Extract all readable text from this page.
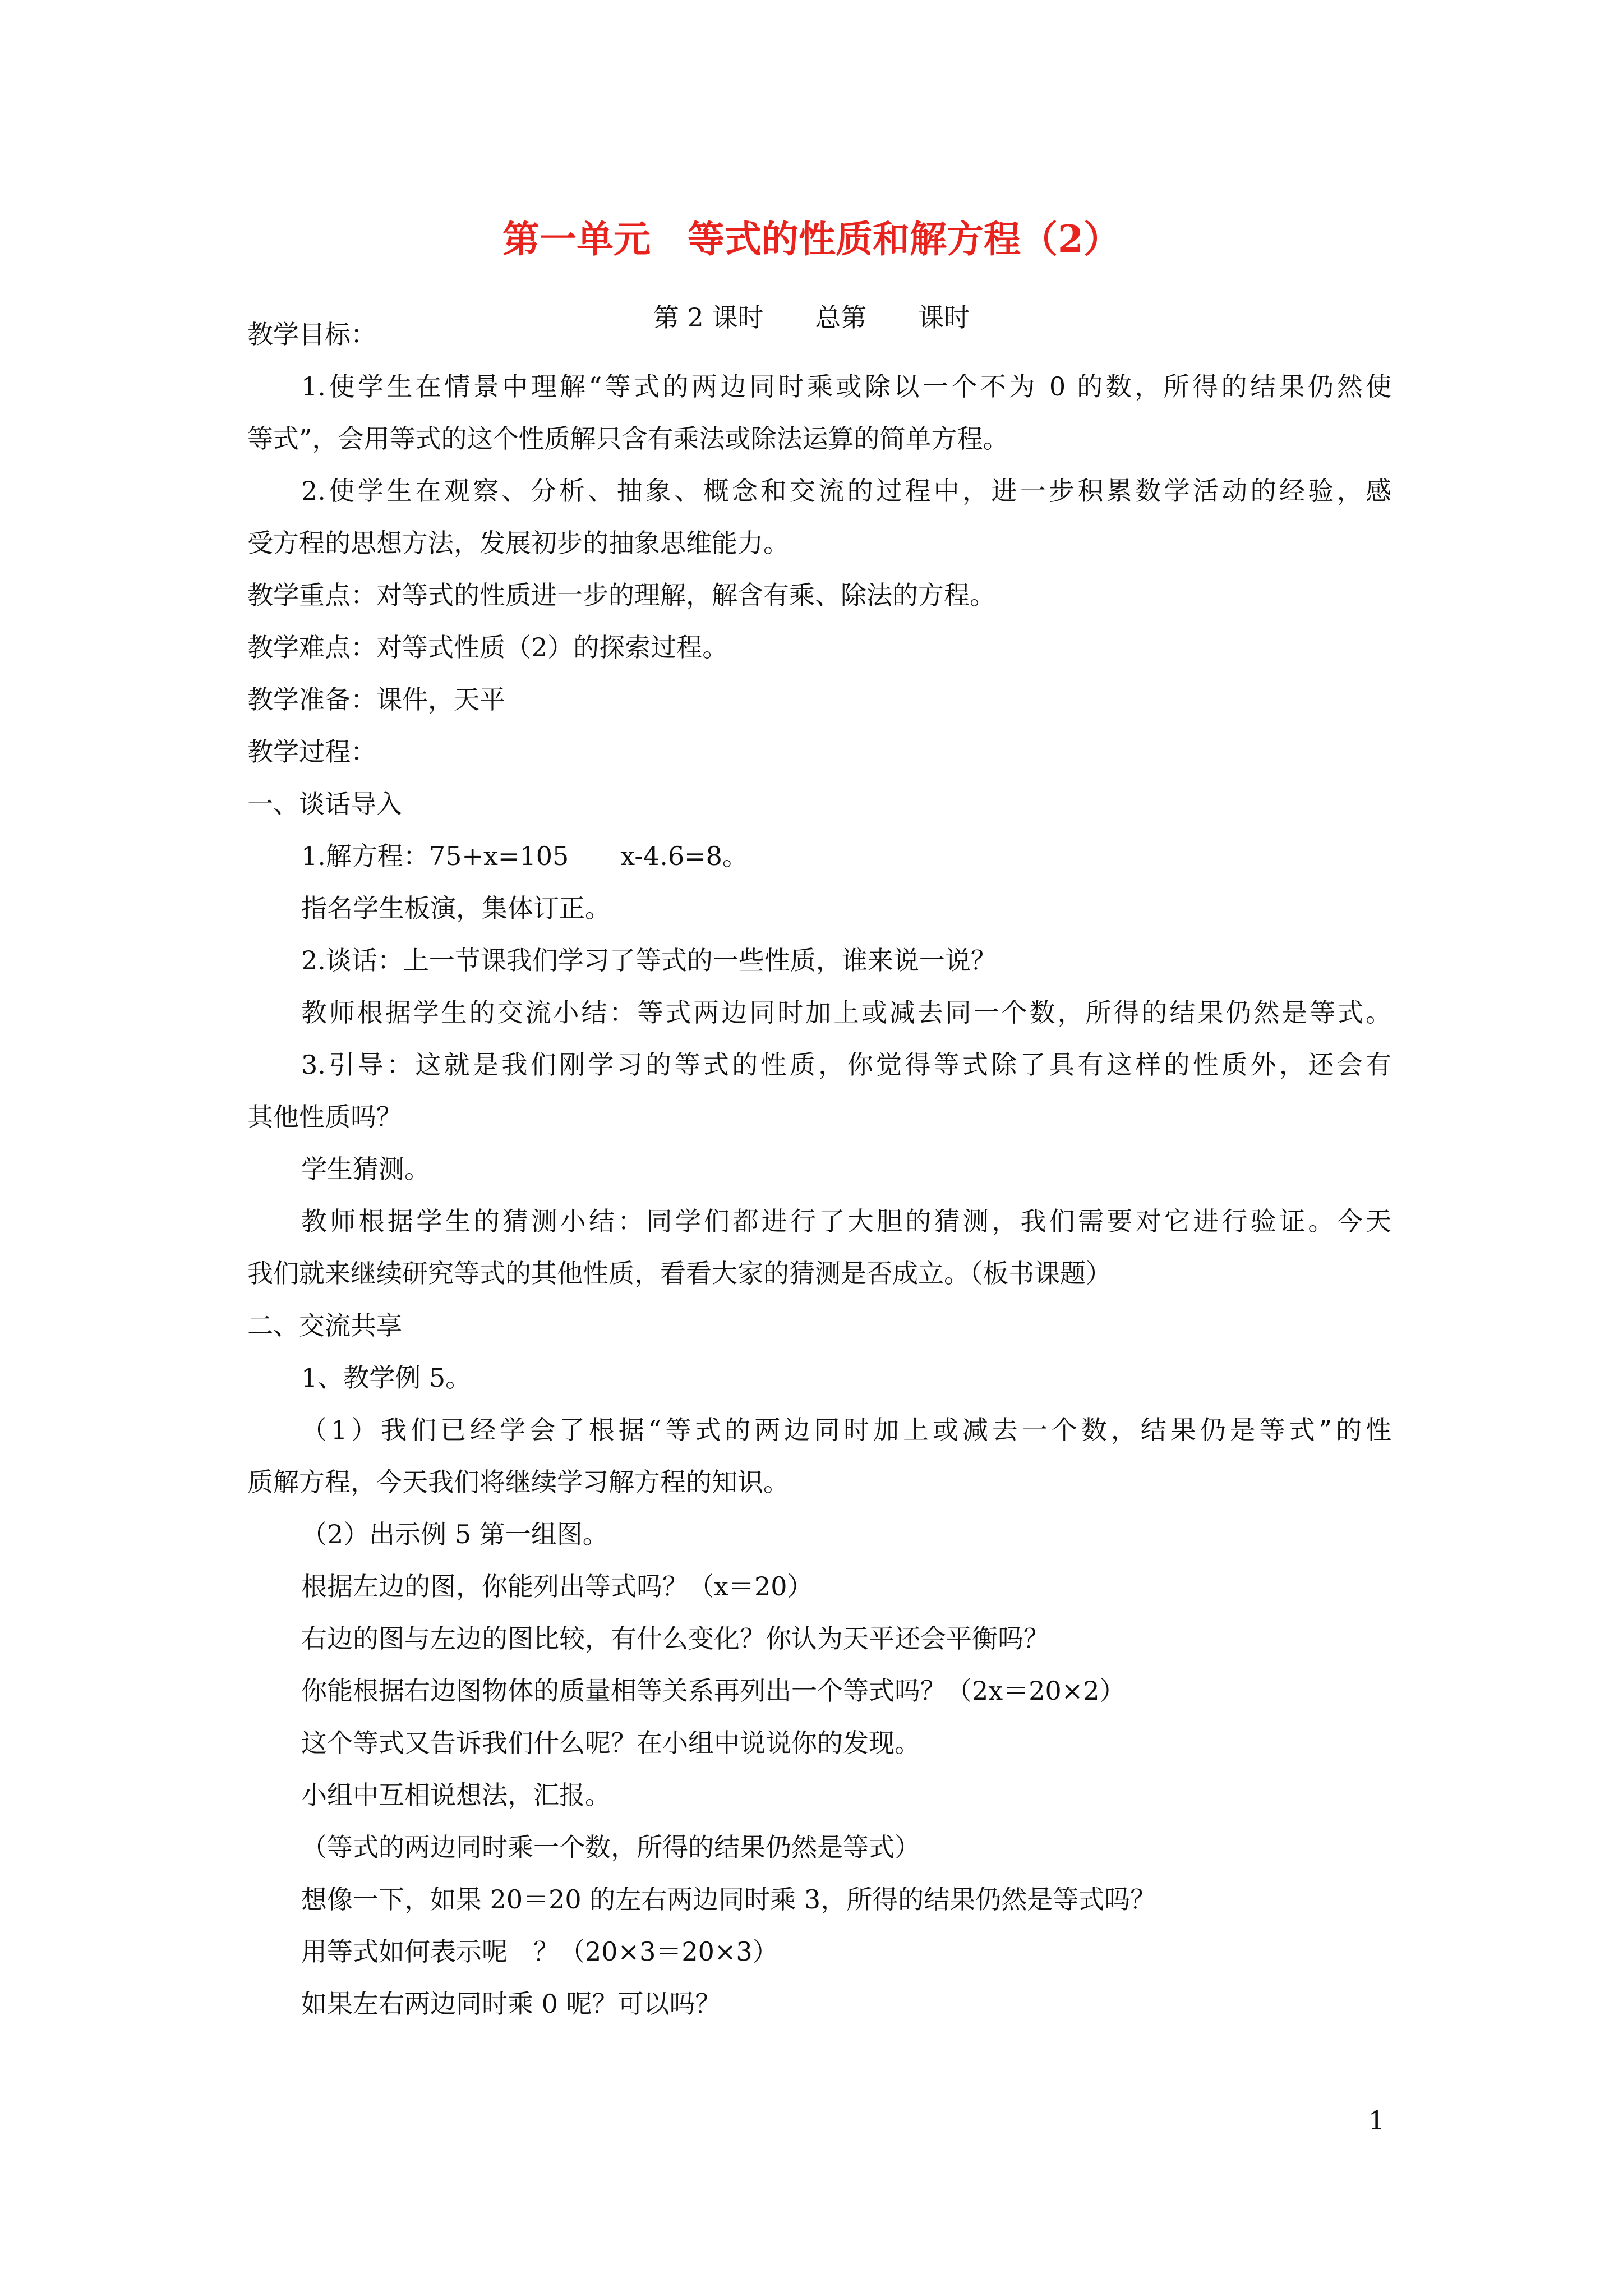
第一单元　等式的性质和解方程（2）
第 2 课时　　总第　　课时
教学目标：
1.使学生在情景中理解“等式的两边同时乘或除以一个不为 0 的数，所得的结果仍然使
等式”，会用等式的这个性质解只含有乘法或除法运算的简单方程。
2.使学生在观察、分析、抽象、概念和交流的过程中，进一步积累数学活动的经验，感
受方程的思想方法，发展初步的抽象思维能力。
教学重点：对等式的性质进一步的理解，解含有乘、除法的方程。
教学难点：对等式性质（2）的探索过程。
教学准备：课件，天平
教学过程：
一、谈话导入
1.解方程：75+x=105　　x-4.6=8。
指名学生板演，集体订正。
2.谈话：上一节课我们学习了等式的一些性质，谁来说一说？
教师根据学生的交流小结：等式两边同时加上或减去同一个数，所得的结果仍然是等式。
3.引导：这就是我们刚学习的等式的性质，你觉得等式除了具有这样的性质外，还会有
其他性质吗？
学生猜测。
教师根据学生的猜测小结：同学们都进行了大胆的猜测，我们需要对它进行验证。今天
我们就来继续研究等式的其他性质，看看大家的猜测是否成立。（板书课题）
二、交流共享
1、教学例 5。
（1）我们已经学会了根据“等式的两边同时加上或减去一个数，结果仍是等式”的性
质解方程，今天我们将继续学习解方程的知识。
（2）出示例 5 第一组图。
根据左边的图，你能列出等式吗？（x＝20）
右边的图与左边的图比较，有什么变化？你认为天平还会平衡吗？
你能根据右边图物体的质量相等关系再列出一个等式吗？（2x＝20×2）
这个等式又告诉我们什么呢？在小组中说说你的发现。
小组中互相说想法，汇报。
（等式的两边同时乘一个数，所得的结果仍然是等式）
想像一下，如果 20＝20 的左右两边同时乘 3，所得的结果仍然是等式吗？
用等式如何表示呢　？（20×3＝20×3）
如果左右两边同时乘 0 呢？可以吗？
1
